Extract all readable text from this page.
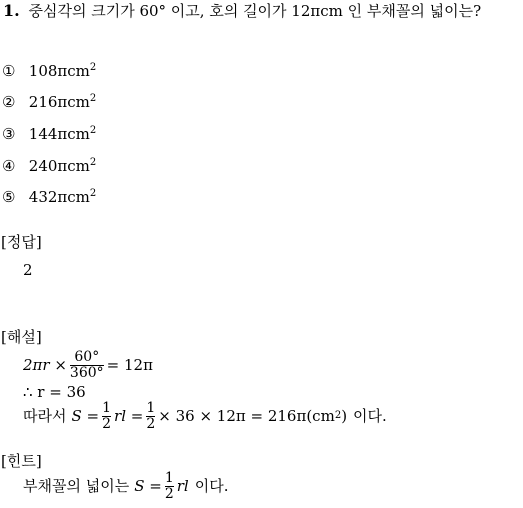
1. 중심각의 크기가 60° 이고, 호의 길이가 12πcm 인 부채꼴의 넓이는?
① 108πcm$^2$
② 216πcm$^2$
③ 144πcm$^2$
④ 240πcm$^2$
⑤ 432πcm$^2$
[정답]
2
[해설]
$2\pi r \times \frac{60^\circ}{360^\circ} = 12\pi$
∴ r = 36
따라서 $S = \frac{1}{2}$ rl = $\frac{1}{2} \times 36 \times 12\pi = 216\pi(cm$ 2 ) 이다.
[힌트]
부채꼴의 넓이는 $S = \frac{1}{2}$ rl 이다.
